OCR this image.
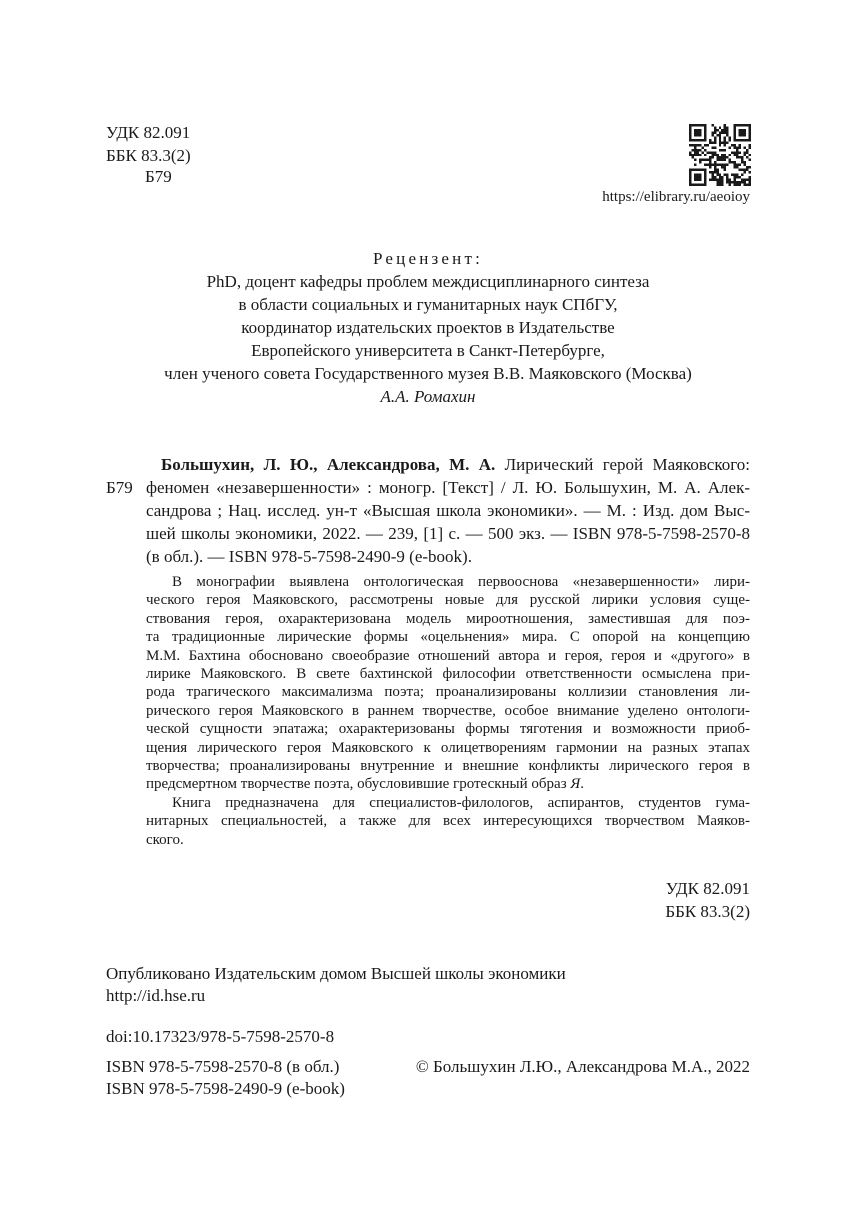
УДК 82.091
ББК 83.3(2)
Б79
https://elibrary.ru/aeoioy
Рецензент:
PhD, доцент кафедры проблем междисциплинарного синтеза
в области социальных и гуманитарных наук СПбГУ,
координатор издательских проектов в Издательстве
Европейского университета в Санкт-Петербурге,
член ученого совета Государственного музея В.В. Маяковского (Москва)
А.А. Ромахин
Б79
Большухин, Л. Ю., Александрова, М. А. Лирический герой Маяковского:
феномен «незавершенности» : моногр. [Текст] / Л. Ю. Большухин, М. А. Алек-
сандрова ; Нац. исслед. ун-т «Высшая школа экономики». — М. : Изд. дом Выс-
шей школы экономики, 2022. — 239, [1] с. — 500 экз. — ISBN 978-5-7598-2570-8
(в обл.). — ISBN 978-5-7598-2490-9 (e-book).
В монографии выявлена онтологическая первооснова «незавершенности» лири-
ческого героя Маяковского, рассмотрены новые для русской лирики условия суще-
ствования героя, охарактеризована модель мироотношения, заместившая для поэ-
та традиционные лирические формы «оцельнения» мира. С опорой на концепцию
М.М. Бахтина обосновано своеобразие отношений автора и героя, героя и «другого» в
лирике Маяковского. В свете бахтинской философии ответственности осмыслена при-
рода трагического максимализма поэта; проанализированы коллизии становления ли-
рического героя Маяковского в раннем творчестве, особое внимание уделено онтологи-
ческой сущности эпатажа; охарактеризованы формы тяготения и возможности приоб-
щения лирического героя Маяковского к олицетворениям гармонии на разных этапах
творчества; проанализированы внутренние и внешние конфликты лирического героя в
предсмертном творчестве поэта, обусловившие гротескный образ Я.
Книга предназначена для специалистов-филологов, аспирантов, студентов гума-
нитарных специальностей, а также для всех интересующихся творчеством Маяков-
ского.
УДК 82.091
ББК 83.3(2)
Опубликовано Издательским домом Высшей школы экономики
http://id.hse.ru
doi:10.17323/978-5-7598-2570-8
ISBN 978-5-7598-2570-8 (в обл.)
ISBN 978-5-7598-2490-9 (e-book)
© Большухин Л.Ю., Александрова М.А., 2022
